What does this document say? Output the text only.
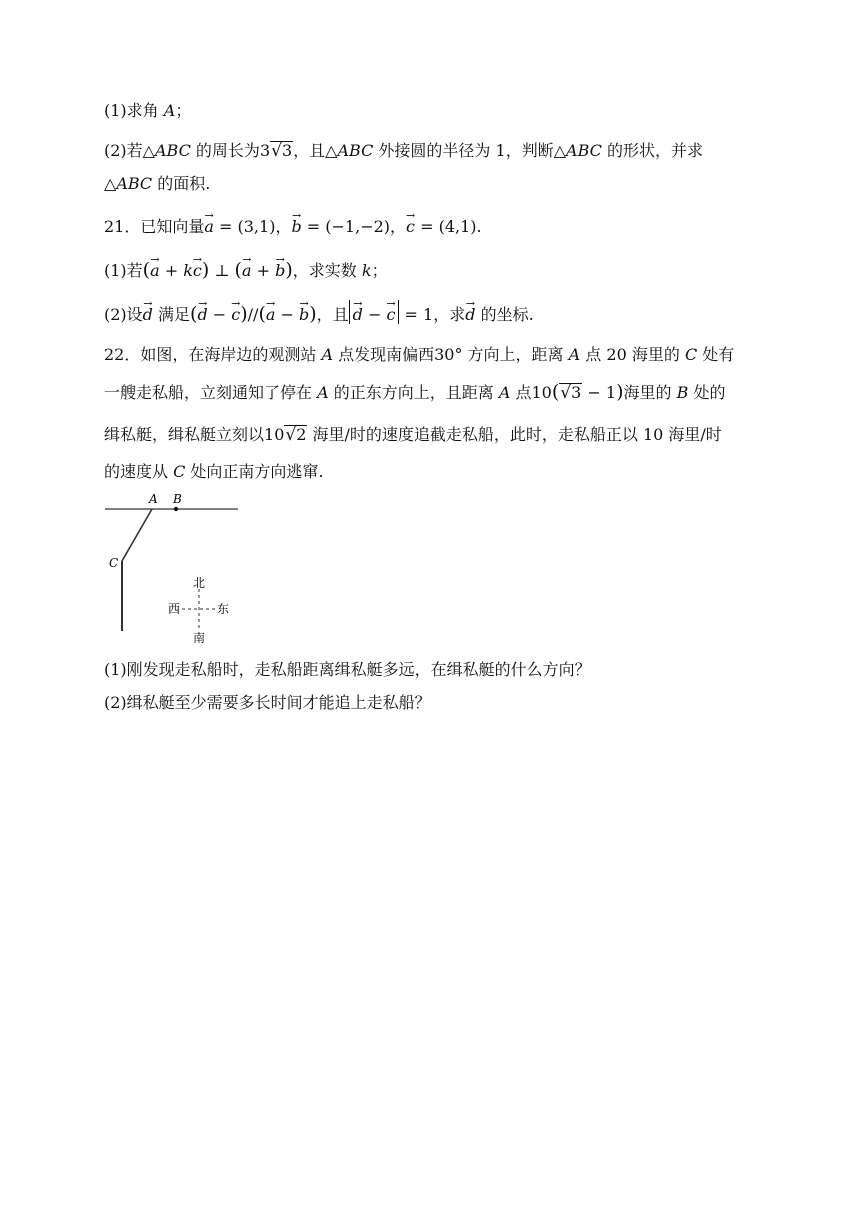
(1)求角 A；
(2)若△ABC 的周长为3√3，且△ABC 外接圆的半径为 1，判断△ABC 的形状，并求
△ABC 的面积.
21．已知向量→ a = (3,1)，→ b = (−1,−2)，→ c = (4,1).
(1)若(→ a + k→ c) ⊥ (→ a + → b)，求实数 k；
(2)设→ d 满足(→ d − → c)//(→ a − → b)，且→ d − → c = 1，求→ d 的坐标.
22．如图，在海岸边的观测站 A 点发现南偏西30° 方向上，距离 A 点 20 海里的 C 处有
一艘走私船，立刻通知了停在 A 的正东方向上，且距离 A 点10(√3 − 1)海里的 B 处的
缉私艇，缉私艇立刻以10√2 海里/时的速度追截走私船，此时，走私船正以 10 海里/时
的速度从 C 处向正南方向逃窜.
A B
C
北
南
西	东
(1)刚发现走私船时，走私船距离缉私艇多远，在缉私艇的什么方向？
(2)缉私艇至少需要多长时间才能追上走私船？
